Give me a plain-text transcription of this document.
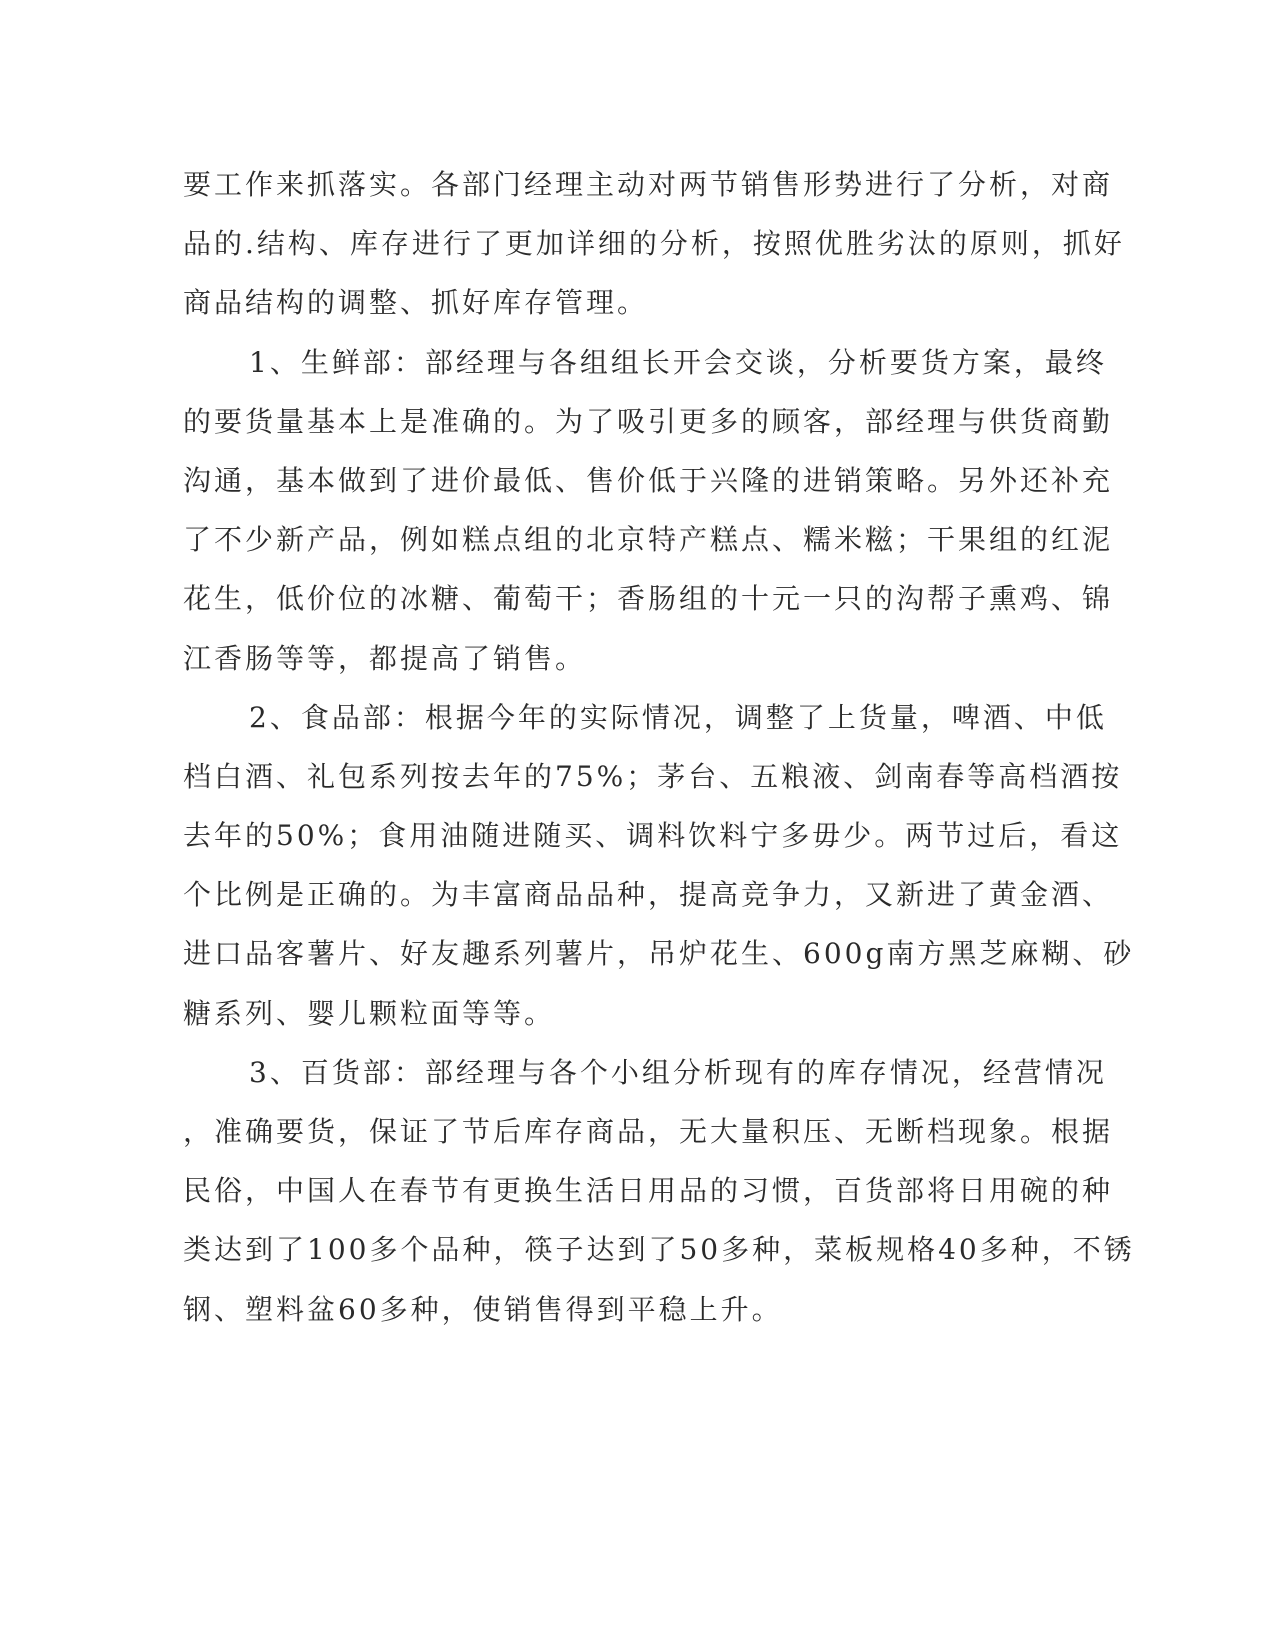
要工作来抓落实。各部门经理主动对两节销售形势进行了分析，对商
品的.结构、库存进行了更加详细的分析，按照优胜劣汰的原则，抓好
商品结构的调整、抓好库存管理。
1、生鲜部：部经理与各组组长开会交谈，分析要货方案，最终
的要货量基本上是准确的。为了吸引更多的顾客，部经理与供货商勤
沟通，基本做到了进价最低、售价低于兴隆的进销策略。另外还补充
了不少新产品，例如糕点组的北京特产糕点、糯米糍；干果组的红泥
花生，低价位的冰糖、葡萄干；香肠组的十元一只的沟帮子熏鸡、锦
江香肠等等，都提高了销售。
2、食品部：根据今年的实际情况，调整了上货量，啤酒、中低
档白酒、礼包系列按去年的75%；茅台、五粮液、剑南春等高档酒按
去年的50%；食用油随进随买、调料饮料宁多毋少。两节过后，看这
个比例是正确的。为丰富商品品种，提高竞争力，又新进了黄金酒、
进口品客薯片、好友趣系列薯片，吊炉花生、600g南方黑芝麻糊、砂
糖系列、婴儿颗粒面等等。
3、百货部：部经理与各个小组分析现有的库存情况，经营情况
，准确要货，保证了节后库存商品，无大量积压、无断档现象。根据
民俗，中国人在春节有更换生活日用品的习惯，百货部将日用碗的种
类达到了100多个品种，筷子达到了50多种，菜板规格40多种，不锈
钢、塑料盆60多种，使销售得到平稳上升。
